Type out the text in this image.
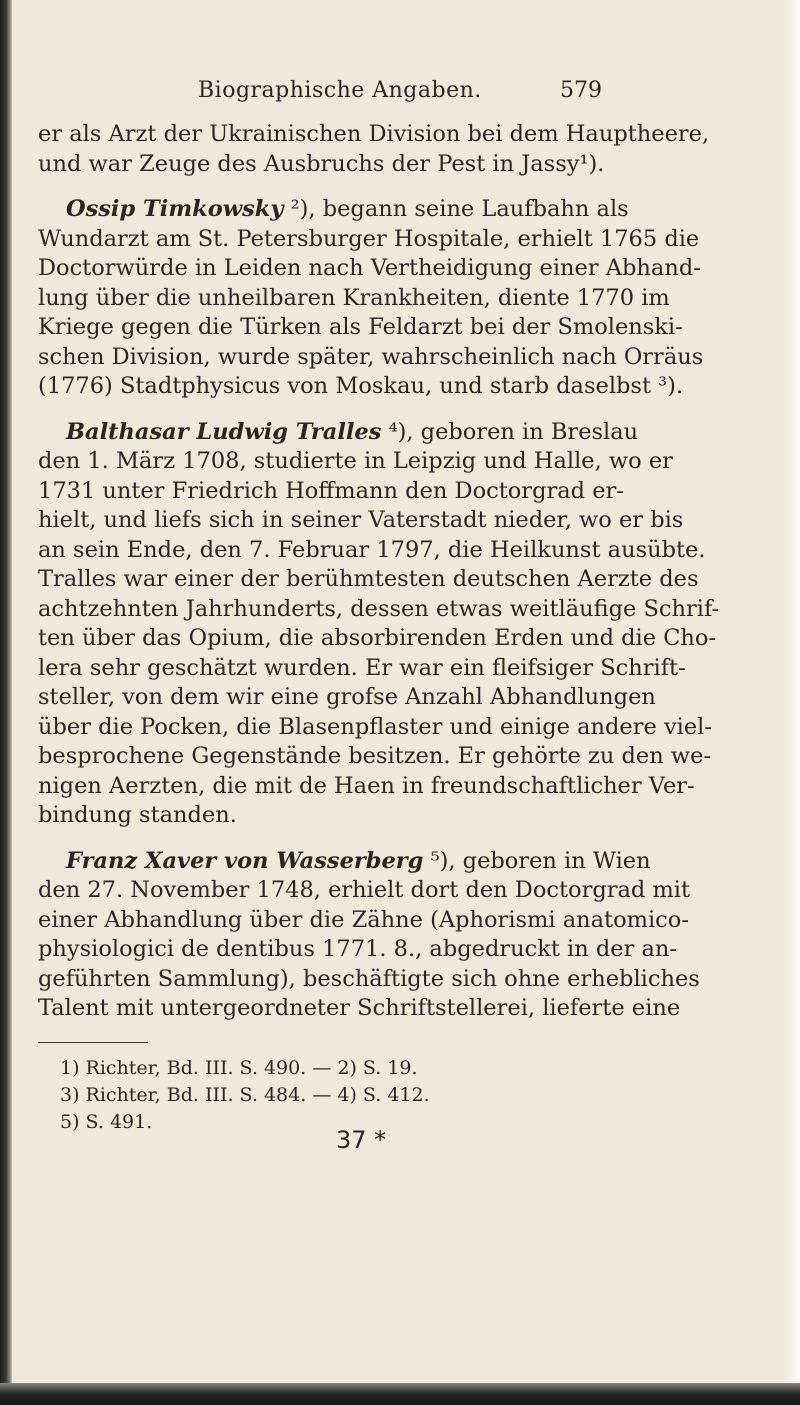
Biographische Angaben.	579

er als Arzt der Ukrainischen Division bei dem Hauptheere,
und war Zeuge des Ausbruchs der Pest in Jassy¹).

Ossip Timkowsky ²), begann seine Laufbahn als
Wundarzt am St. Petersburger Hospitale, erhielt 1765 die
Doctorwürde in Leiden nach Vertheidigung einer Abhand-
lung über die unheilbaren Krankheiten, diente 1770 im
Kriege gegen die Türken als Feldarzt bei der Smolenski-
schen Division, wurde später, wahrscheinlich nach Orräus
(1776) Stadtphysicus von Moskau, und starb daselbst ³).

Balthasar Ludwig Tralles ⁴), geboren in Breslau
den 1. März 1708, studierte in Leipzig und Halle, wo er
1731 unter Friedrich Hoffmann den Doctorgrad er-
hielt, und liefs sich in seiner Vaterstadt nieder, wo er bis
an sein Ende, den 7. Februar 1797, die Heilkunst ausübte.
Tralles war einer der berühmtesten deutschen Aerzte des
achtzehnten Jahrhunderts, dessen etwas weitläufige Schrif-
ten über das Opium, die absorbirenden Erden und die Cho-
lera sehr geschätzt wurden. Er war ein fleifsiger Schrift-
steller, von dem wir eine grofse Anzahl Abhandlungen
über die Pocken, die Blasenpflaster und einige andere viel-
besprochene Gegenstände besitzen. Er gehörte zu den we-
nigen Aerzten, die mit de Haen in freundschaftlicher Ver-
bindung standen.

Franz Xaver von Wasserberg ⁵), geboren in Wien
den 27. November 1748, erhielt dort den Doctorgrad mit
einer Abhandlung über die Zähne (Aphorismi anatomico-
physiologici de dentibus 1771. 8., abgedruckt in der an-
geführten Sammlung), beschäftigte sich ohne erhebliches
Talent mit untergeordneter Schriftstellerei, lieferte eine

1) Richter, Bd. III. S. 490. — 2) S. 19.
3) Richter, Bd. III. S. 484. — 4) S. 412.
5) S. 491.
37 *
